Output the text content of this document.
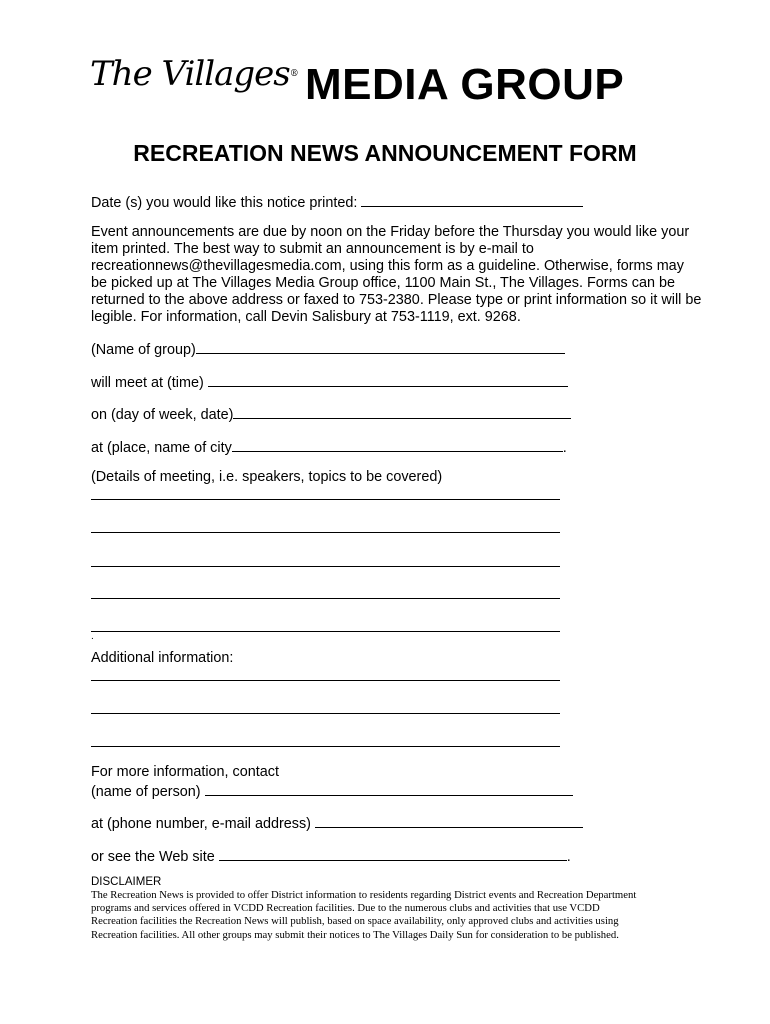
The Villages® MEDIA GROUP
RECREATION NEWS ANNOUNCEMENT FORM
Date (s) you would like this notice printed:
Event announcements are due by noon on the Friday before the Thursday you would like your
item printed. The best way to submit an announcement is by e-mail to
recreationnews@thevillagesmedia.com, using this form as a guideline. Otherwise, forms may
be picked up at The Villages Media Group office, 1100 Main St., The Villages. Forms can be
returned to the above address or faxed to 753-2380. Please type or print information so it will be
legible. For information, call Devin Salisbury at 753-1119, ext. 9268.
(Name of group)
will meet at (time)
on (day of week, date)
at (place, name of city	.
(Details of meeting, i.e. speakers, topics to be covered)
.
Additional information:
For more information, contact
(name of person)
at (phone number, e-mail address)
or see the Web site	.
DISCLAIMER
The Recreation News is provided to offer District information to residents regarding District events and Recreation Department
programs and services offered in VCDD Recreation facilities. Due to the numerous clubs and activities that use VCDD
Recreation facilities the Recreation News will publish, based on space availability, only approved clubs and activities using
Recreation facilities. All other groups may submit their notices to The Villages Daily Sun for consideration to be published.
